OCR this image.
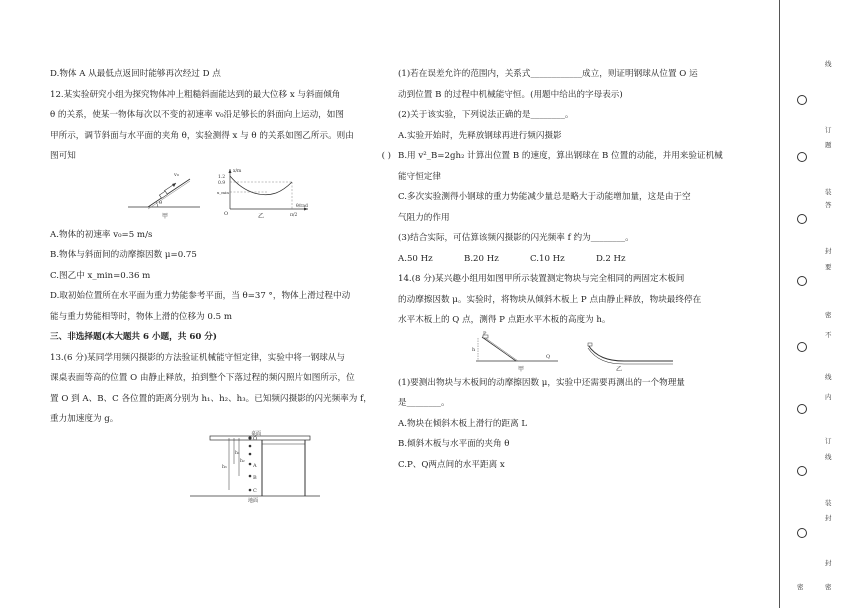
D.物体 A 从最低点返回时能够再次经过 D 点
12.某实验研究小组为探究物体冲上粗糙斜面能达到的最大位移 x 与斜面倾角
θ 的关系，使某一物体每次以不变的初速率 v₀沿足够长的斜面向上运动，如图
甲所示，调节斜面与水平面的夹角 θ，实验测得 x 与 θ 的关系如图乙所示。则由
图可知	( )
v₀
θ
甲
x/m
1.2
0.9
x_min
O	π/2
θ/rad
乙
A.物体的初速率 v₀=5 m/s
B.物体与斜面间的动摩擦因数 μ=0.75
C.图乙中 x_min=0.36 m
D.取初始位置所在水平面为重力势能参考平面，当 θ=37 °，物体上滑过程中动
能与重力势能相等时，物体上滑的位移为 0.5 m
三、非选择题(本大题共 6 小题，共 60 分)
13.(6 分)某同学用频闪摄影的方法验证机械能守恒定律，实验中将一钢球从与
课桌表面等高的位置 O 由静止释放，拍到整个下落过程的频闪照片如图所示，位
置 O 到 A、B、C 各位置的距离分别为 h₁、h₂、h₃。已知频闪摄影的闪光频率为 f，
重力加速度为 g。
桌面
O
A
B
C
h₁
h₂
h₃
地面
(1)若在误差允许的范围内，关系式____________成立，则证明钢球从位置 O 运
动到位置 B 的过程中机械能守恒。(用题中给出的字母表示)
(2)关于该实验，下列说法正确的是________。
A.实验开始时，先释放钢球再进行频闪摄影
B.用 v²_B=2gh₂ 计算出位置 B 的速度，算出钢球在 B 位置的动能，并用来验证机械
能守恒定律
C.多次实验测得小钢球的重力势能减少量总是略大于动能增加量，这是由于空
气阻力的作用
(3)结合实际，可估算该频闪摄影的闪光频率 f 约为________。
A.50 Hz	B.20 Hz	C.10 Hz	D.2 Hz
14.(8 分)某兴趣小组用如图甲所示装置测定物块与完全相同的两固定木板间
的动摩擦因数 μ。实验时，将物块从倾斜木板上 P 点由静止释放，物块最终停在
水平木板上的 Q 点，测得 P 点距水平木板的高度为 h。
P
h
Q
甲	乙
(1)要测出物块与木板间的动摩擦因数 μ，实验中还需要再测出的一个物理量
是________。
A.物块在倾斜木板上滑行的距离 L
B.倾斜木板与水平面的夹角 θ
C.P、Q两点间的水平距离 x
线
订
题
装
答
封
要
密
不
线
内
订
线
装
封
封
密	密
